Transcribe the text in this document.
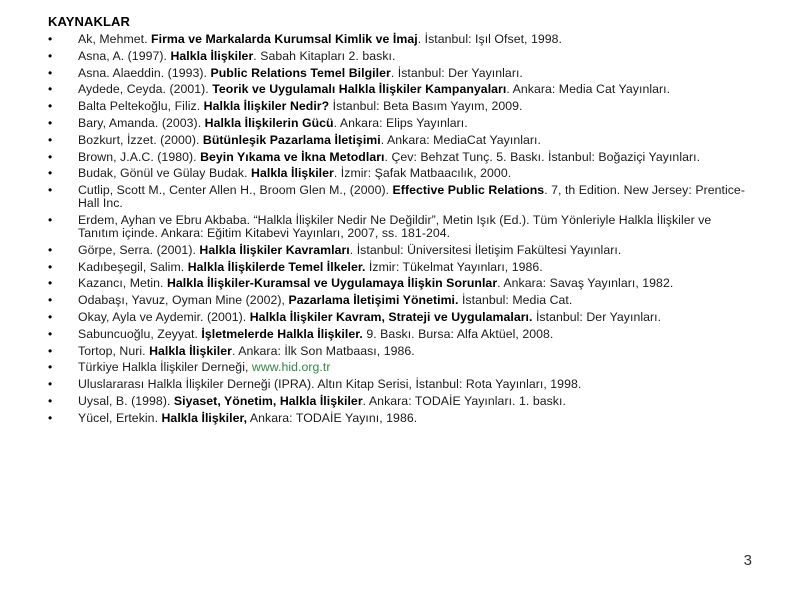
KAYNAKLAR
• Ak, Mehmet. Firma ve Markalarda Kurumsal Kimlik ve İmaj. İstanbul: Işıl Ofset, 1998.
• Asna, A. (1997). Halkla İlişkiler. Sabah Kitapları 2. baskı.
• Asna. Alaeddin. (1993). Public Relations Temel Bilgiler. İstanbul: Der Yayınları.
• Aydede, Ceyda. (2001). Teorik ve Uygulamalı Halkla İlişkiler Kampanyaları. Ankara: Media Cat Yayınları.
• Balta Peltekoğlu, Filiz. Halkla İlişkiler Nedir? İstanbul: Beta Basım Yayım, 2009.
• Bary, Amanda. (2003). Halkla İlişkilerin Gücü. Ankara: Elips Yayınları.
• Bozkurt, İzzet. (2000). Bütünleşik Pazarlama İletişimi. Ankara: MediaCat Yayınları.
• Brown, J.A.C. (1980). Beyin Yıkama ve İkna Metodları. Çev: Behzat Tunç. 5. Baskı. İstanbul: Boğaziçi Yayınları.
• Budak, Gönül ve Gülay Budak. Halkla İlişkiler. İzmir: Şafak Matbaacılık, 2000.
• Cutlip, Scott M., Center Allen H., Broom Glen M., (2000). Effective Public Relations. 7, th Edition. New Jersey: Prentice-Hall Inc.
• Erdem, Ayhan ve Ebru Akbaba. “Halkla İlişkiler Nedir Ne Değildir”, Metin Işık (Ed.). Tüm Yönleriyle Halkla İlişkiler ve Tanıtım içinde. Ankara: Eğitim Kitabevi Yayınları, 2007, ss. 181-204.
• Görpe, Serra. (2001). Halkla İlişkiler Kavramları. İstanbul: Üniversitesi İletişim Fakültesi Yayınları.
• Kadıbeşegil, Salim. Halkla İlişkilerde Temel İlkeler. İzmir: Tükelmat Yayınları, 1986.
• Kazancı, Metin. Halkla İlişkiler-Kuramsal ve Uygulamaya İlişkin Sorunlar. Ankara: Savaş Yayınları, 1982.
• Odabaşı, Yavuz, Oyman Mine (2002), Pazarlama İletişimi Yönetimi. İstanbul: Media Cat.
• Okay, Ayla ve Aydemir. (2001). Halkla İlişkiler Kavram, Strateji ve Uygulamaları. İstanbul: Der Yayınları.
• Sabuncuoğlu, Zeyyat. İşletmelerde Halkla İlişkiler. 9. Baskı. Bursa: Alfa Aktüel, 2008.
• Tortop, Nuri. Halkla İlişkiler. Ankara: İlk Son Matbaası, 1986.
• Türkiye Halkla İlişkiler Derneği, www.hid.org.tr
• Uluslararası Halkla İlişkiler Derneği (IPRA). Altın Kitap Serisi, İstanbul: Rota Yayınları, 1998.
• Uysal, B. (1998). Siyaset, Yönetim, Halkla İlişkiler. Ankara: TODAİE Yayınları. 1. baskı.
• Yücel, Ertekin. Halkla İlişkiler, Ankara: TODAİE Yayını, 1986.
3
